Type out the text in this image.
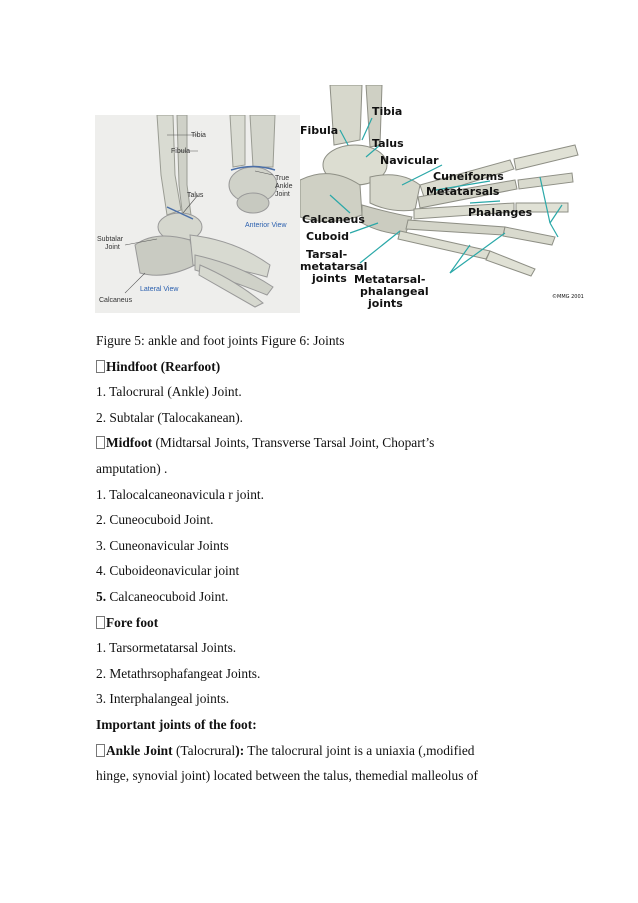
Tibia
Fibula
True
Ankle
Joint
Talus
Anterior View
Subtalar
Joint
Lateral View
Calcaneus
Tibia
Fibula
Talus
Navicular
Cuneiforms
Metatarsals
Phalanges
Calcaneus
Cuboid
Tarsal-
metatarsal
joints Metatarsal-
phalangeal
joints	©MMG 2001
Figure 5: ankle and foot joints Figure 6: Joints
Hindfoot (Rearfoot)
1. Talocrural (Ankle) Joint.
2. Subtalar (Talocakanean).
Midfoot (Midtarsal Joints, Transverse Tarsal Joint, Chopart’s
amputation) .
1. Talocalcaneonavicula r joint.
2. Cuneocuboid Joint.
3. Cuneonavicular Joints
4. Cuboideonavicular joint
5. Calcaneocuboid Joint.
Fore foot
1. Tarsormetatarsal Joints.
2. Metathrsophafangeat Joints.
3. Interphalangeal joints.
Important joints of the foot:
Ankle Joint (Talocrural): The talocrural joint is a uniaxia (,modified
hinge, synovial joint) located between the talus, themedial malleolus of
